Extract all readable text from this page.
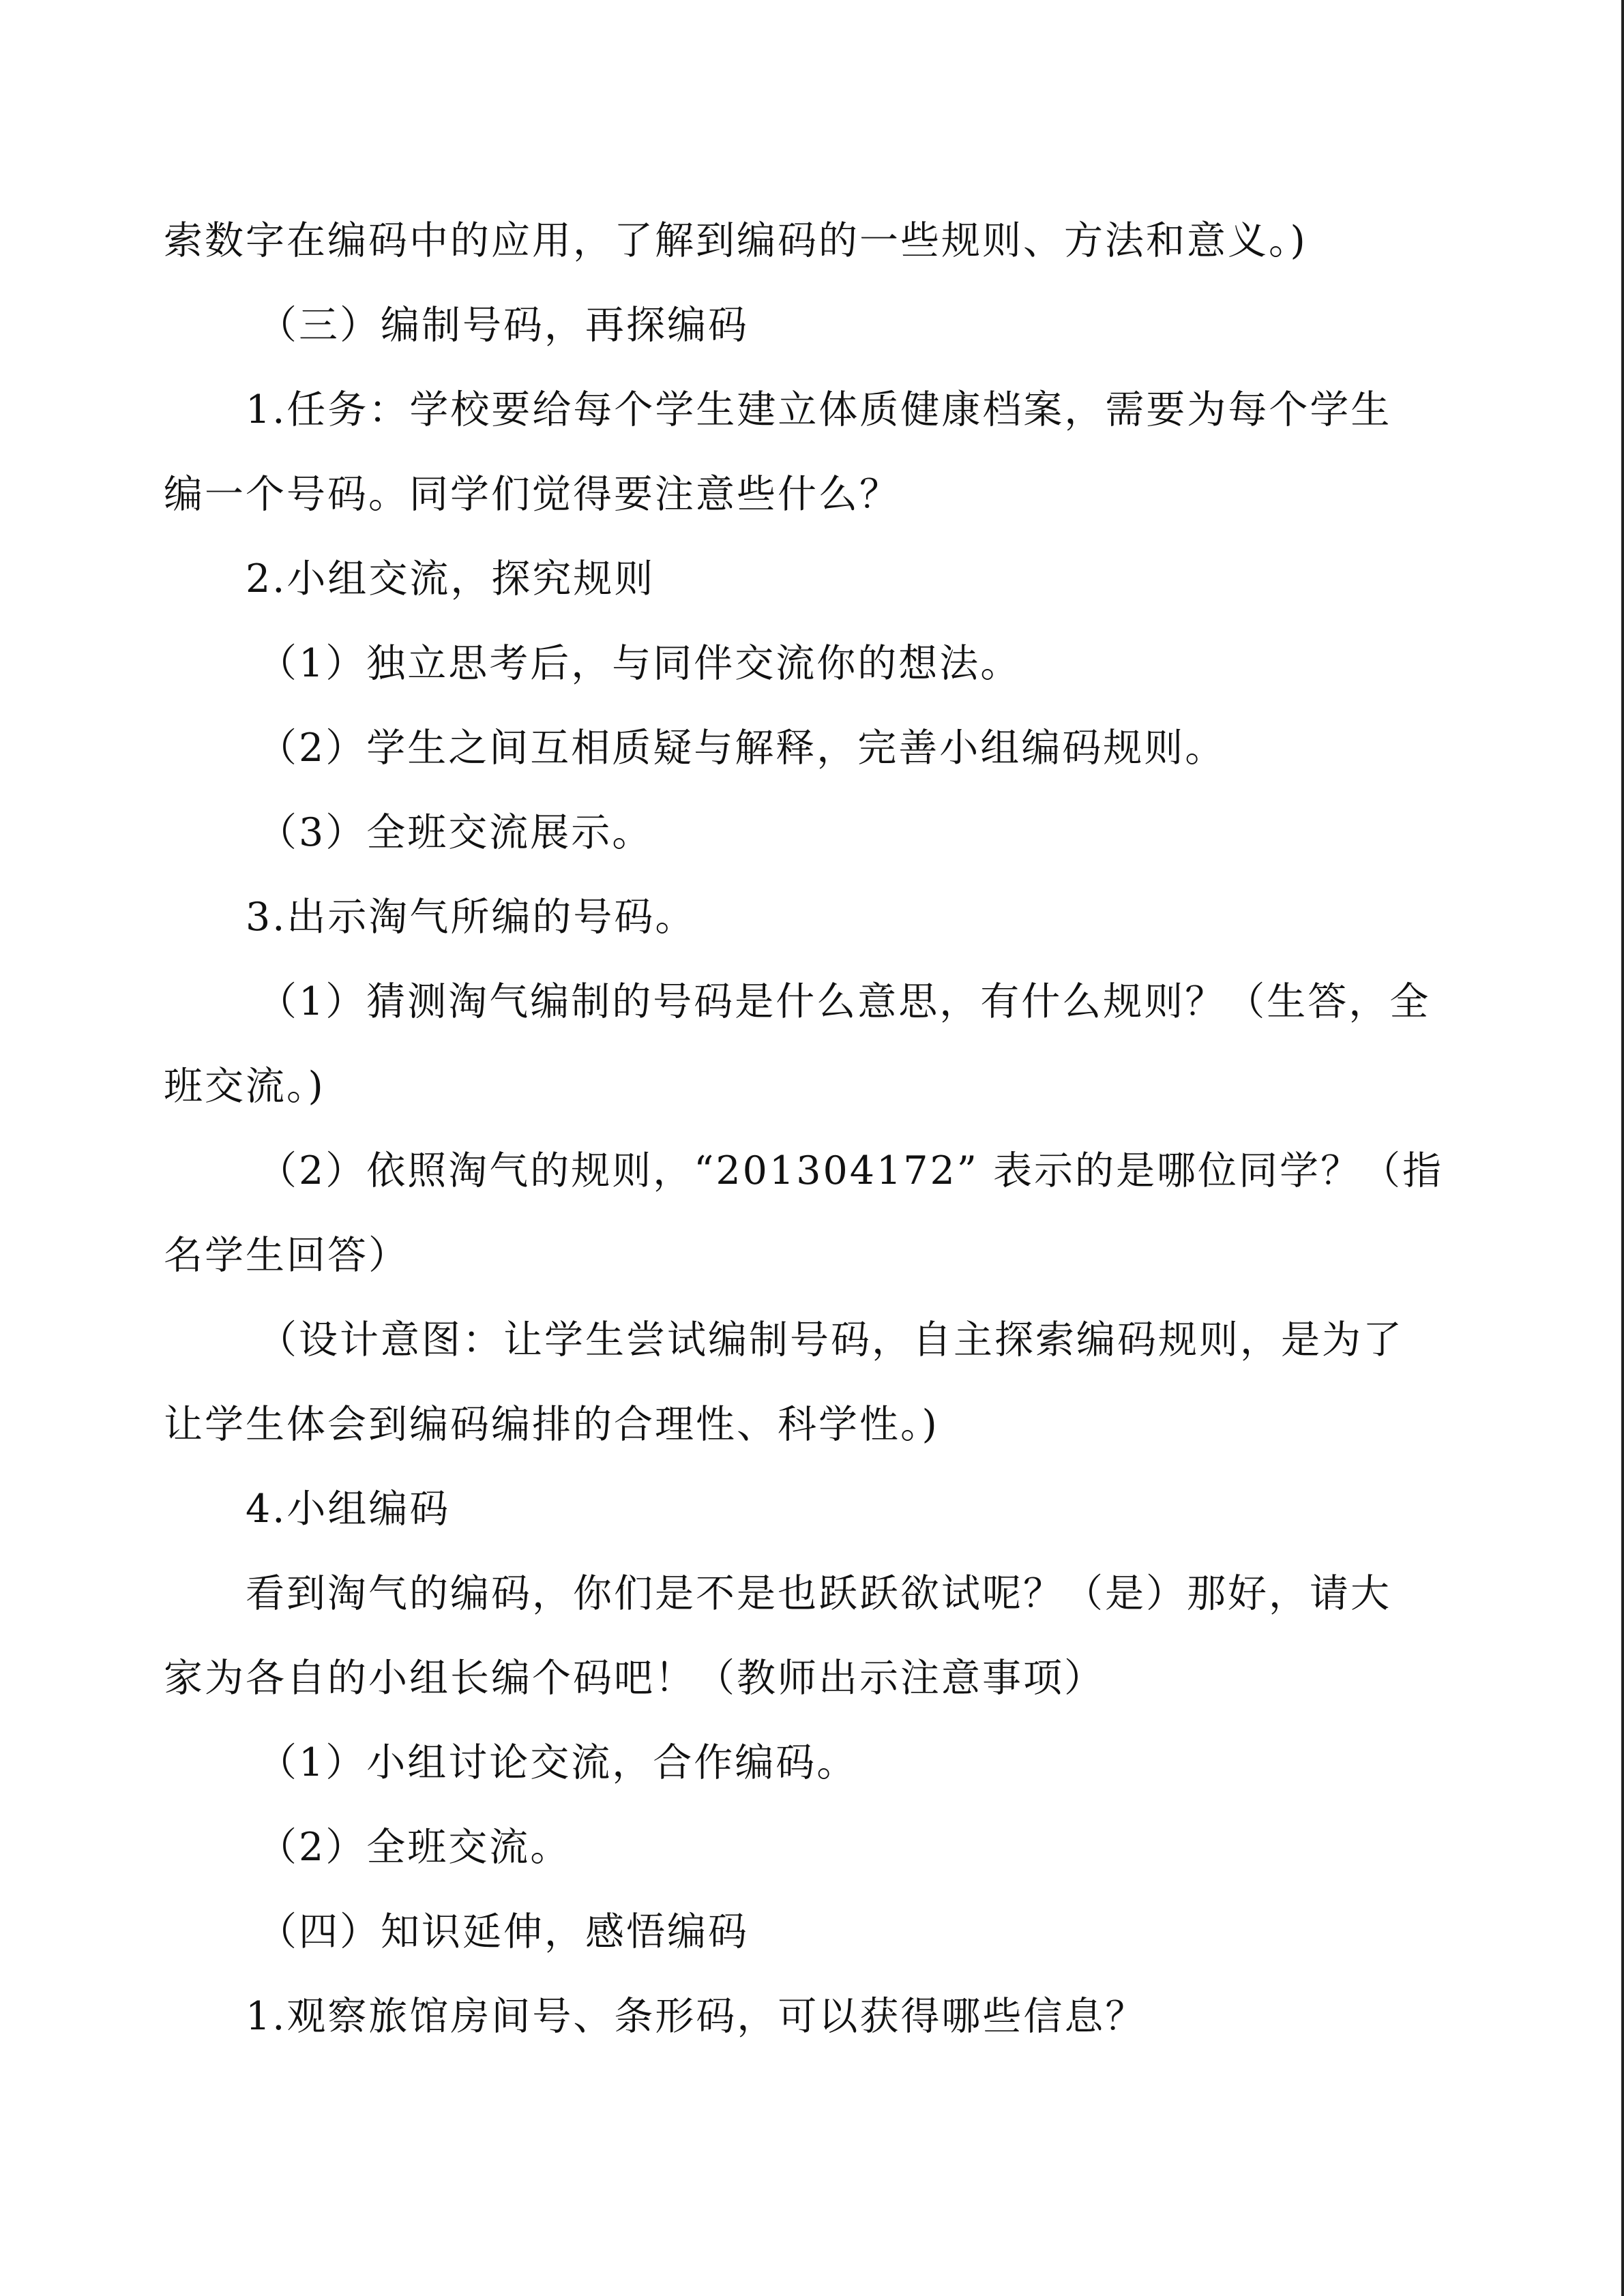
索数字在编码中的应用，了解到编码的一些规则、方法和意义。)

（三）编制号码，再探编码

1.任务：学校要给每个学生建立体质健康档案，需要为每个学生

编一个号码。同学们觉得要注意些什么？

2.小组交流，探究规则

（1）独立思考后，与同伴交流你的想法。

（2）学生之间互相质疑与解释，完善小组编码规则。

（3）全班交流展示。

3.出示淘气所编的号码。

（1）猜测淘气编制的号码是什么意思，有什么规则？（生答，全

班交流。)

（2）依照淘气的规则，“201304172” 表示的是哪位同学？（指

名学生回答）

（设计意图：让学生尝试编制号码，自主探索编码规则，是为了

让学生体会到编码编排的合理性、科学性。)

4.小组编码

看到淘气的编码，你们是不是也跃跃欲试呢？（是）那好，请大

家为各自的小组长编个码吧！（教师出示注意事项）

（1）小组讨论交流，合作编码。

（2）全班交流。

（四）知识延伸，感悟编码

1.观察旅馆房间号、条形码，可以获得哪些信息？
